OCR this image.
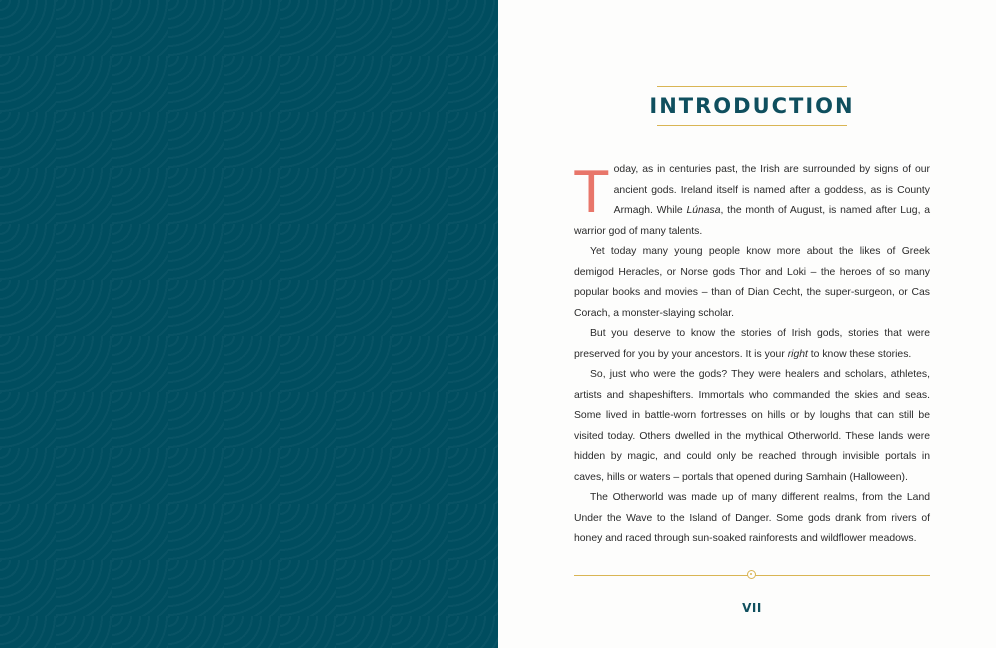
INTRODUCTION

Today, as in centuries past, the Irish are surrounded by signs of our ancient gods. Ireland itself is named after a goddess, as is County Armagh. While Lúnasa, the month of August, is named after Lug, a warrior god of many talents.

Yet today many young people know more about the likes of Greek demigod Heracles, or Norse gods Thor and Loki – the heroes of so many popular books and movies – than of Dian Cecht, the super-surgeon, or Cas Corach, a monster-slaying scholar.

But you deserve to know the stories of Irish gods, stories that were preserved for you by your ancestors. It is your right to know these stories.

So, just who were the gods? They were healers and scholars, athletes, artists and shapeshifters. Immortals who commanded the skies and seas. Some lived in battle-worn fortresses on hills or by loughs that can still be visited today. Others dwelled in the mythical Otherworld. These lands were hidden by magic, and could only be reached through invisible portals in caves, hills or waters – portals that opened during Samhain (Halloween).

The Otherworld was made up of many different realms, from the Land Under the Wave to the Island of Danger. Some gods drank from rivers of honey and raced through sun-soaked rainforests and wildflower meadows.

VII
